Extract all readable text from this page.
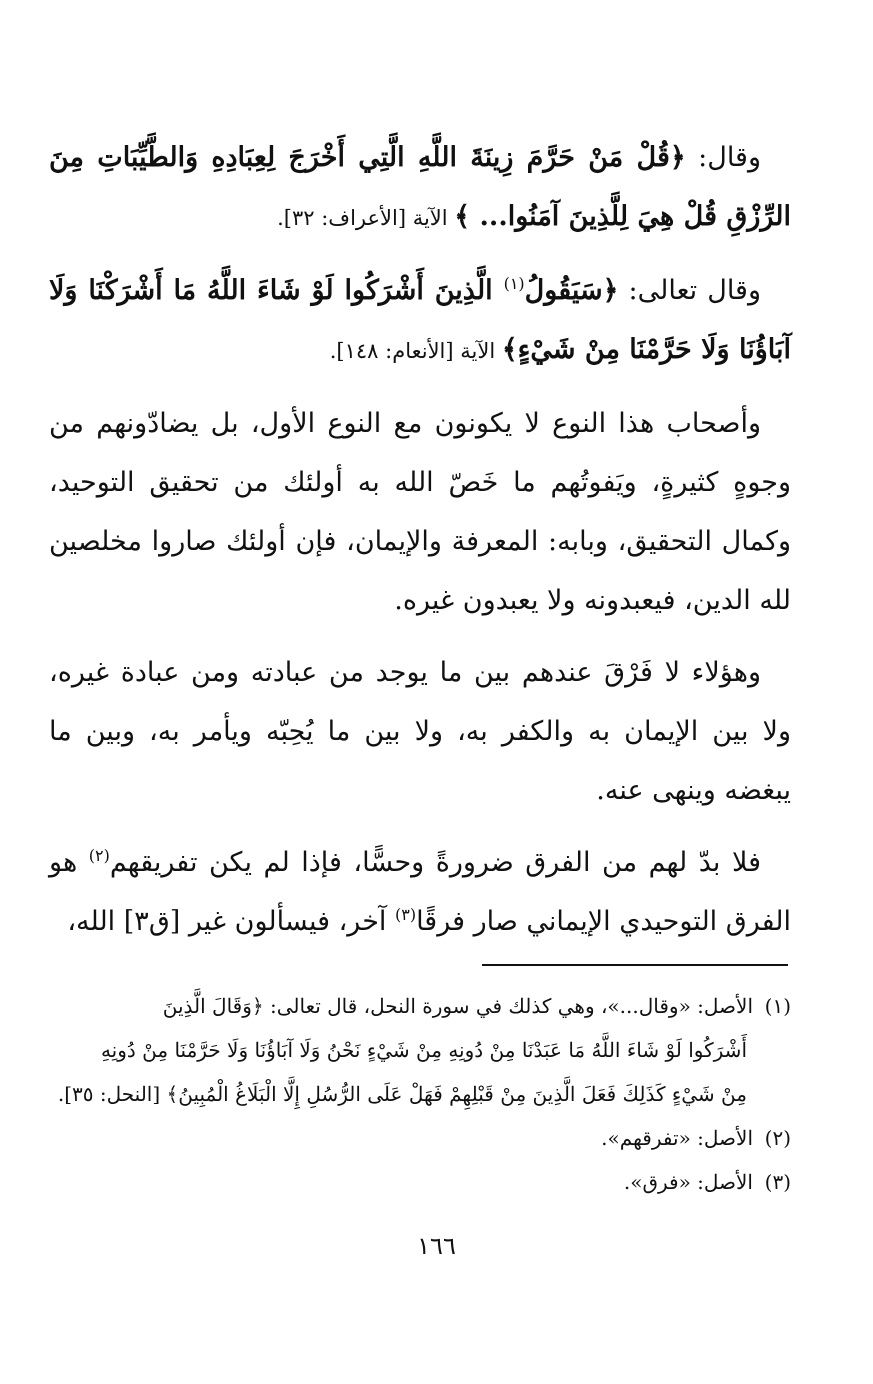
وقال: ﴿قُلْ مَنْ حَرَّمَ زِينَةَ اللَّهِ الَّتِي أَخْرَجَ لِعِبَادِهِ وَالطَّيِّبَاتِ مِنَ الرِّزْقِ قُلْ هِيَ لِلَّذِينَ آمَنُوا... ﴾ الآية [الأعراف: ٣٢].

وقال تعالى: ﴿سَيَقُولُ$^{(١)}$ الَّذِينَ أَشْرَكُوا لَوْ شَاءَ اللَّهُ مَا أَشْرَكْنَا وَلَا آبَاؤُنَا وَلَا حَرَّمْنَا مِنْ شَيْءٍ﴾ الآية [الأنعام: ١٤٨].

وأصحاب هذا النوع لا يكونون مع النوع الأول، بل يضادّونهم من وجوهٍ كثيرةٍ، ويَفوتُهم ما خَصّ الله به أولئك من تحقيق التوحيد، وكمال التحقيق، وبابه: المعرفة والإيمان، فإن أولئك صاروا مخلصين لله الدين، فيعبدونه ولا يعبدون غيره.

وهؤلاء لا فَرْقَ عندهم بين ما يوجد من عبادته ومن عبادة غيره، ولا بين الإيمان به والكفر به، ولا بين ما يُحِبّه ويأمر به، وبين ما يبغضه وينهى عنه.

فلا بدّ لهم من الفرق ضرورةً وحسًّا، فإذا لم يكن تفريقهم$^{(٢)}$ هو الفرق التوحيدي الإيماني صار فرقًا$^{(٣)}$ آخر، فيسألون غير [ق٣] الله،

(١)الأصل: «وقال...»، وهي كذلك في سورة النحل، قال تعالى: ﴿وَقَالَ الَّذِينَ

أَشْرَكُوا لَوْ شَاءَ اللَّهُ مَا عَبَدْنَا مِنْ دُونِهِ مِنْ شَيْءٍ نَحْنُ وَلَا آبَاؤُنَا وَلَا حَرَّمْنَا مِنْ دُونِهِ

مِنْ شَيْءٍ كَذَلِكَ فَعَلَ الَّذِينَ مِنْ قَبْلِهِمْ فَهَلْ عَلَى الرُّسُلِ إِلَّا الْبَلَاغُ الْمُبِينُ﴾ [النحل: ٣٥].

(٢)الأصل: «تفرقهم».

(٣)الأصل: «فرق».

١٦٦
